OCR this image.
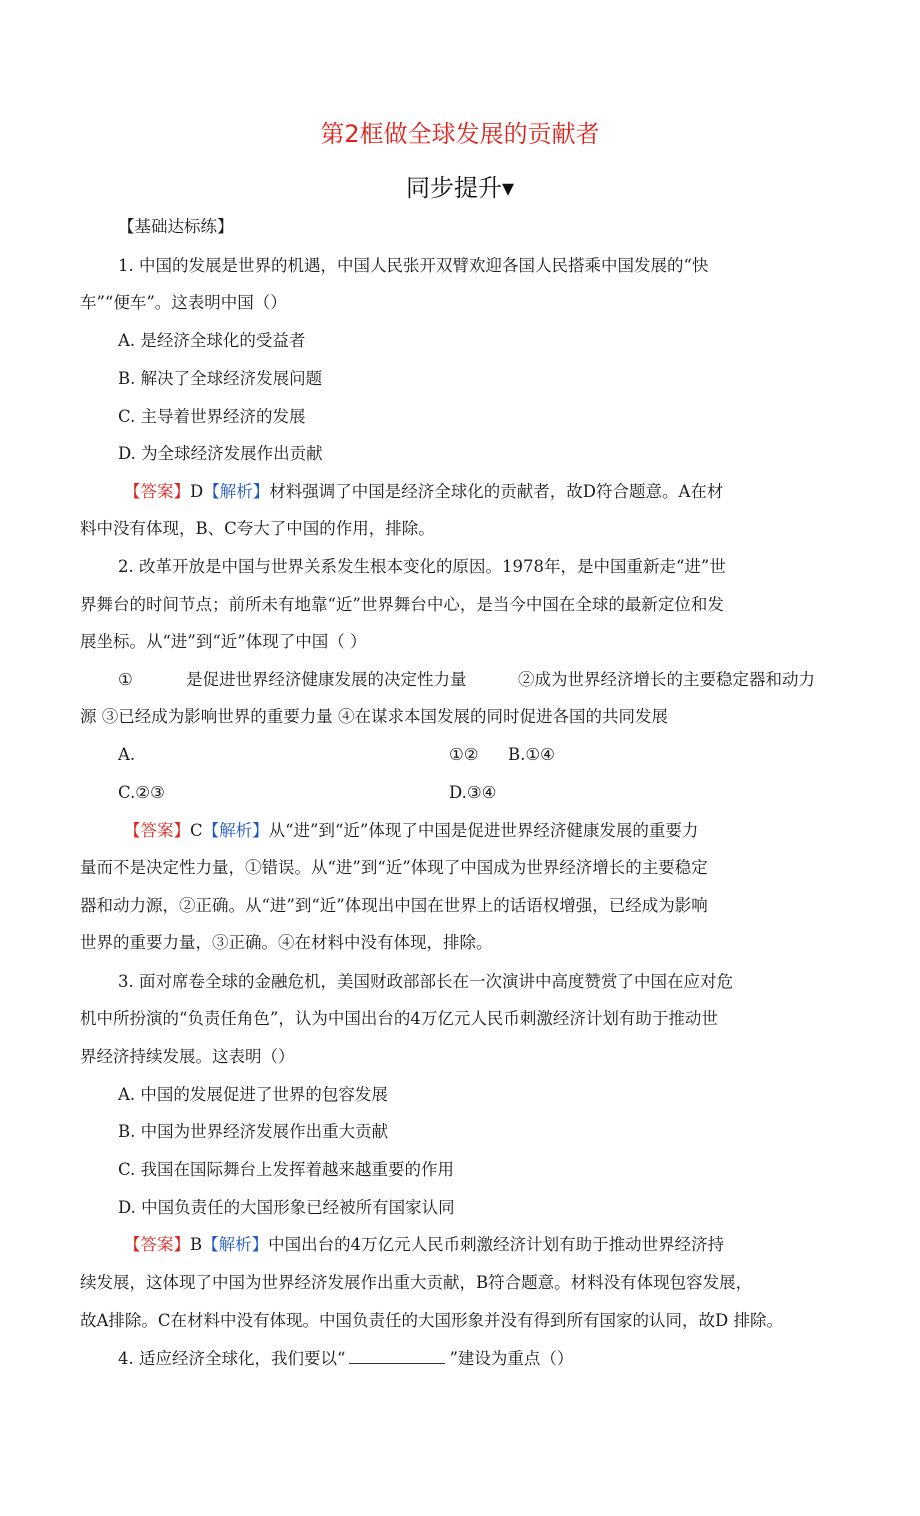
第2框做全球发展的贡献者
同步提升▾
【基础达标练】
1. 中国的发展是世界的机遇，中国人民张开双臂欢迎各国人民搭乘中国发展的“快
车”“便车”。这表明中国（）
A. 是经济全球化的受益者
B. 解决了全球经济发展问题
C. 主导着世界经济的发展
D. 为全球经济发展作出贡献
【答案】D【解析】材料强调了中国是经济全球化的贡献者，故D符合题意。A在材
料中没有体现，B、C夸大了中国的作用，排除。
2. 改革开放是中国与世界关系发生根本变化的原因。1978年，是中国重新走“进”世
界舞台的时间节点；前所未有地靠“近”世界舞台中心，是当今中国在全球的最新定位和发
展坐标。从“进”到“近”体现了中国（ ）
①	是促进世界经济健康发展的决定性力量	②成为世界经济增长的主要稳定器和动力
源 ③已经成为影响世界的重要力量 ④在谋求本国发展的同时促进各国的共同发展
A.	①② B.①④
C.②③	D.③④
【答案】C【解析】从“进”到“近”体现了中国是促进世界经济健康发展的重要力
量而不是决定性力量，①错误。从“进”到“近”体现了中国成为世界经济增长的主要稳定
器和动力源，②正确。从“进”到“近”体现出中国在世界上的话语权增强，已经成为影响
世界的重要力量，③正确。④在材料中没有体现，排除。
3. 面对席卷全球的金融危机，美国财政部部长在一次演讲中高度赞赏了中国在应对危
机中所扮演的“负责任角色”，认为中国出台的4万亿元人民币刺激经济计划有助于推动世
界经济持续发展。这表明（）
A. 中国的发展促进了世界的包容发展
B. 中国为世界经济发展作出重大贡献
C. 我国在国际舞台上发挥着越来越重要的作用
D. 中国负责任的大国形象已经被所有国家认同
【答案】B【解析】中国出台的4万亿元人民币刺激经济计划有助于推动世界经济持
续发展，这体现了中国为世界经济发展作出重大贡献，B符合题意。材料没有体现包容发展，
故A排除。C在材料中没有体现。中国负责任的大国形象并没有得到所有国家的认同，故D 排除。
4. 适应经济全球化，我们要以“	”建设为重点（）
